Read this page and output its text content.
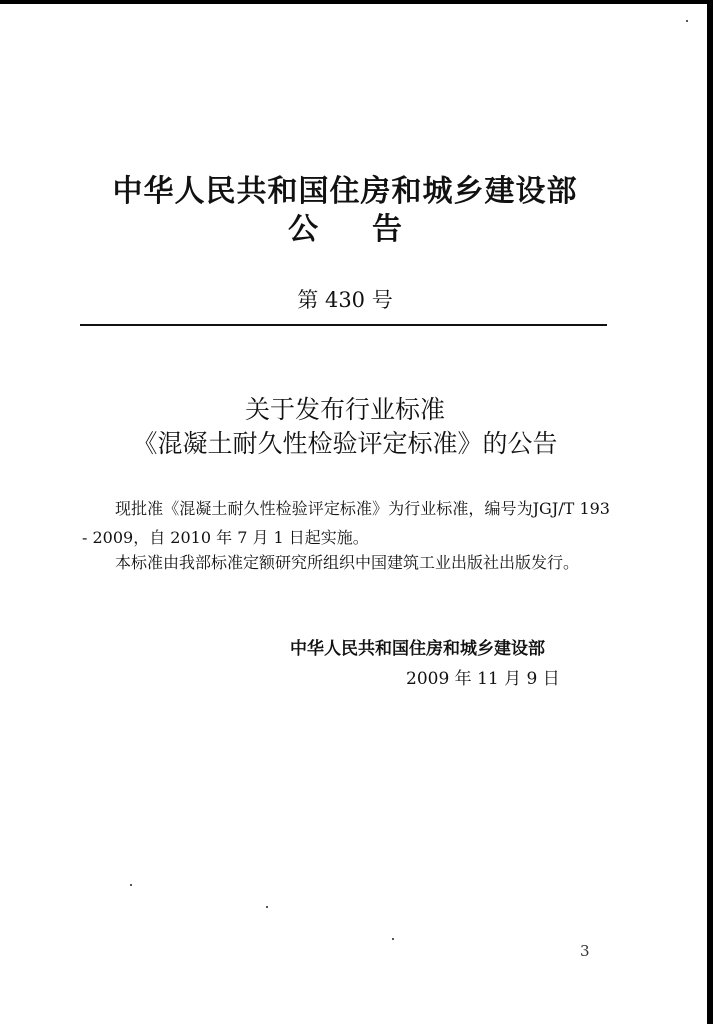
中华人民共和国住房和城乡建设部
公告
第 430 号
关于发布行业标准
《混凝土耐久性检验评定标准》的公告
现批准《混凝土耐久性检验评定标准》为行业标准，编号为JGJ/T 193 - 2009，自 2010 年 7 月 1 日起实施。
本标准由我部标准定额研究所组织中国建筑工业出版社出版发行。
中华人民共和国住房和城乡建设部
2009 年 11 月 9 日
3
